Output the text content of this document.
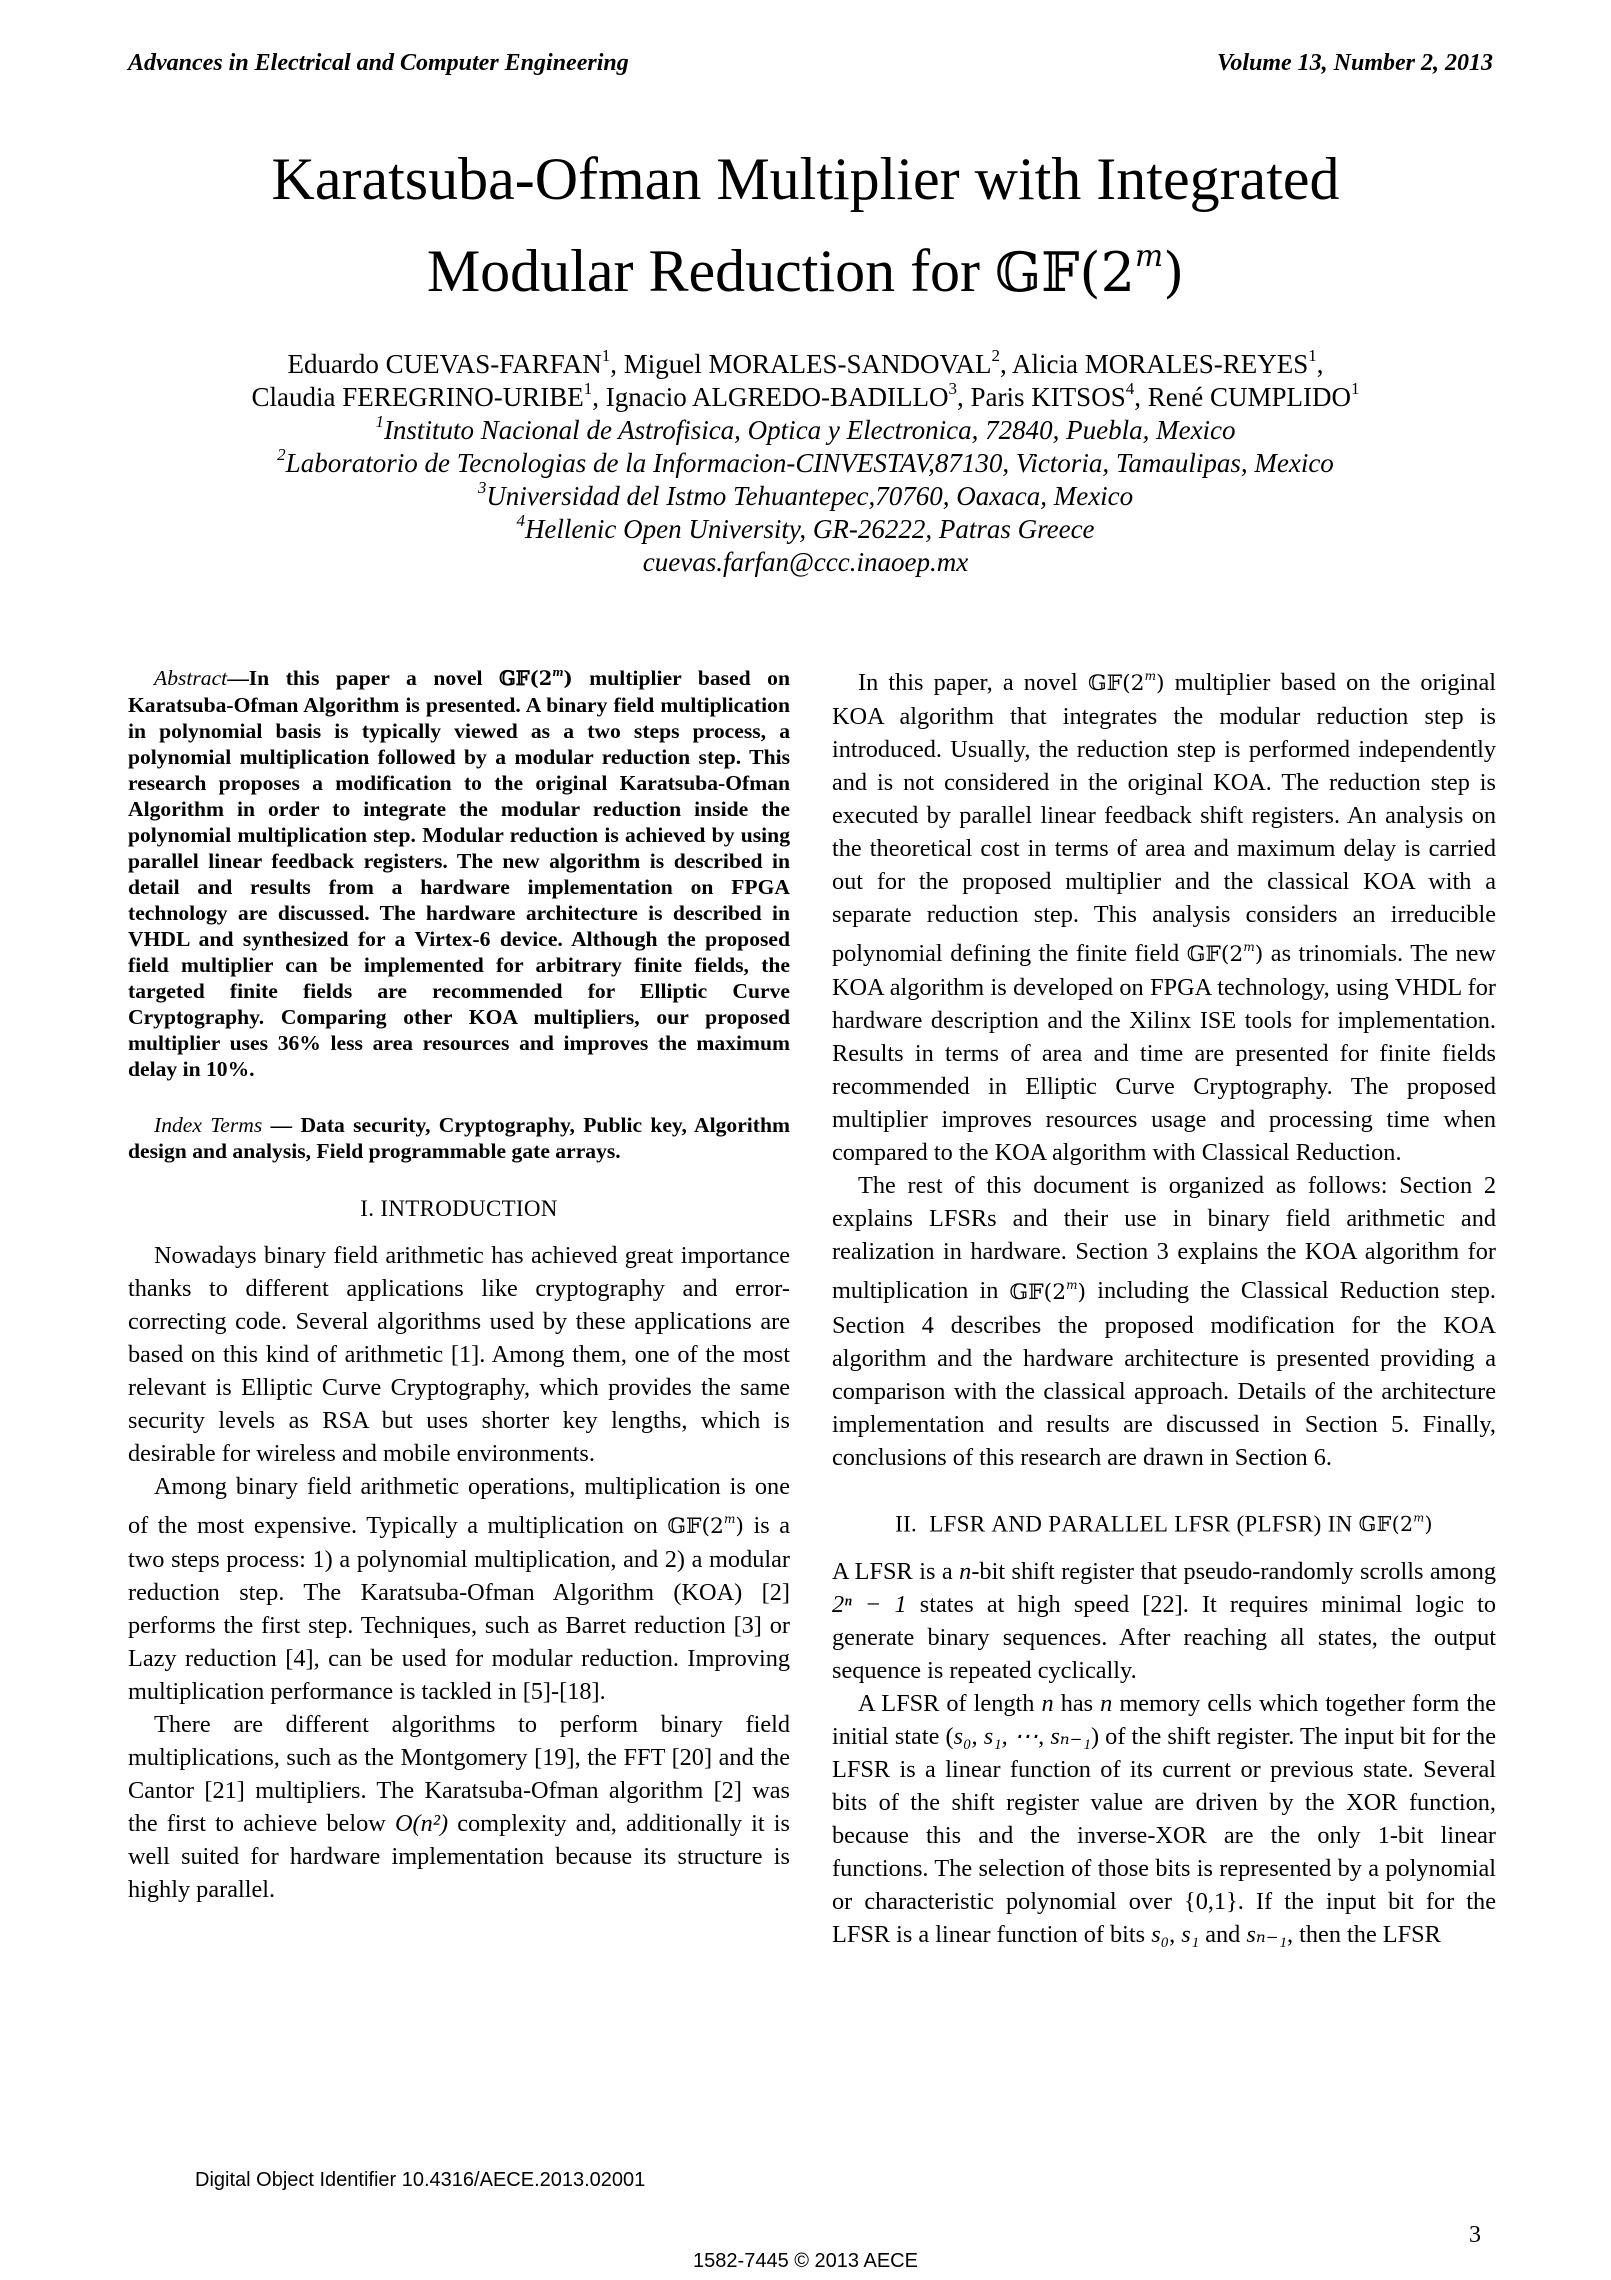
Advances in Electrical and Computer Engineering	Volume 13, Number 2, 2013
Karatsuba-Ofman Multiplier with Integrated
Modular Reduction for 𝔾𝔽(2$^m$)
Eduardo CUEVAS-FARFAN$^1$, Miguel MORALES-SANDOVAL$^2$, Alicia MORALES-REYES$^1$,
Claudia FEREGRINO-URIBE$^1$, Ignacio ALGREDO-BADILLO$^3$, Paris KITSOS$^4$, René CUMPLIDO$^1$
$^1$Instituto Nacional de Astrofisica, Optica y Electronica, 72840, Puebla, Mexico
$^2$Laboratorio de Tecnologias de la Informacion-CINVESTAV,87130, Victoria, Tamaulipas, Mexico
$^3$Universidad del Istmo Tehuantepec,70760, Oaxaca, Mexico
$^4$Hellenic Open University, GR-26222, Patras Greece
cuevas.farfan@ccc.inaoep.mx

Abstract—In this paper a novel 𝔾𝔽(2$^m$) multiplier based on Karatsuba-Ofman Algorithm is presented. A binary field multiplication in polynomial basis is typically viewed as a two steps process, a polynomial multiplication followed by a modular reduction step. This research proposes a modification to the original Karatsuba-Ofman Algorithm in order to integrate the modular reduction inside the polynomial multiplication step. Modular reduction is achieved by using parallel linear feedback registers. The new algorithm is described in detail and results from a hardware implementation on FPGA technology are discussed. The hardware architecture is described in VHDL and synthesized for a Virtex-6 device. Although the proposed field multiplier can be implemented for arbitrary finite fields, the targeted finite fields are recommended for Elliptic Curve Cryptography. Comparing other KOA multipliers, our proposed multiplier uses 36% less area resources and improves the maximum delay in 10%.

Index Terms — Data security, Cryptography, Public key, Algorithm design and analysis, Field programmable gate arrays.

I. INTRODUCTION

Nowadays binary field arithmetic has achieved great importance thanks to different applications like cryptography and error-correcting code. Several algorithms used by these applications are based on this kind of arithmetic [1]. Among them, one of the most relevant is Elliptic Curve Cryptography, which provides the same security levels as RSA but uses shorter key lengths, which is desirable for wireless and mobile environments.

Among binary field arithmetic operations, multiplication is one of the most expensive. Typically a multiplication on 𝔾𝔽(2$^m$) is a two steps process: 1) a polynomial multiplication, and 2) a modular reduction step. The Karatsuba-Ofman Algorithm (KOA) [2] performs the first step. Techniques, such as Barret reduction [3] or Lazy reduction [4], can be used for modular reduction. Improving multiplication performance is tackled in [5]-[18].

There are different algorithms to perform binary field multiplications, such as the Montgomery [19], the FFT [20] and the Cantor [21] multipliers. The Karatsuba-Ofman algorithm [2] was the first to achieve below O(n²) complexity and, additionally it is well suited for hardware implementation because its structure is highly parallel.

In this paper, a novel 𝔾𝔽(2$^m$) multiplier based on the original KOA algorithm that integrates the modular reduction step is introduced. Usually, the reduction step is performed independently and is not considered in the original KOA. The reduction step is executed by parallel linear feedback shift registers. An analysis on the theoretical cost in terms of area and maximum delay is carried out for the proposed multiplier and the classical KOA with a separate reduction step. This analysis considers an irreducible polynomial defining the finite field 𝔾𝔽(2$^m$) as trinomials. The new KOA algorithm is developed on FPGA technology, using VHDL for hardware description and the Xilinx ISE tools for implementation. Results in terms of area and time are presented for finite fields recommended in Elliptic Curve Cryptography. The proposed multiplier improves resources usage and processing time when compared to the KOA algorithm with Classical Reduction.

The rest of this document is organized as follows: Section 2 explains LFSRs and their use in binary field arithmetic and realization in hardware. Section 3 explains the KOA algorithm for multiplication in 𝔾𝔽(2$^m$) including the Classical Reduction step. Section 4 describes the proposed modification for the KOA algorithm and the hardware architecture is presented providing a comparison with the classical approach. Details of the architecture implementation and results are discussed in Section 5. Finally, conclusions of this research are drawn in Section 6.

II. LFSR AND PARALLEL LFSR (PLFSR) IN 𝔾𝔽(2$^m$)

A LFSR is a n-bit shift register that pseudo-randomly scrolls among 2ⁿ − 1 states at high speed [22]. It requires minimal logic to generate binary sequences. After reaching all states, the output sequence is repeated cyclically.

A LFSR of length n has n memory cells which together form the initial state (s₀, s₁, ⋯, sₙ₋₁) of the shift register. The input bit for the LFSR is a linear function of its current or previous state. Several bits of the shift register value are driven by the XOR function, because this and the inverse-XOR are the only 1-bit linear functions. The selection of those bits is represented by a polynomial or characteristic polynomial over {0,1}. If the input bit for the LFSR is a linear function of bits s₀, s₁ and sₙ₋₁, then the LFSR

Digital Object Identifier 10.4316/AECE.2013.02001
3
1582-7445 © 2013 AECE
